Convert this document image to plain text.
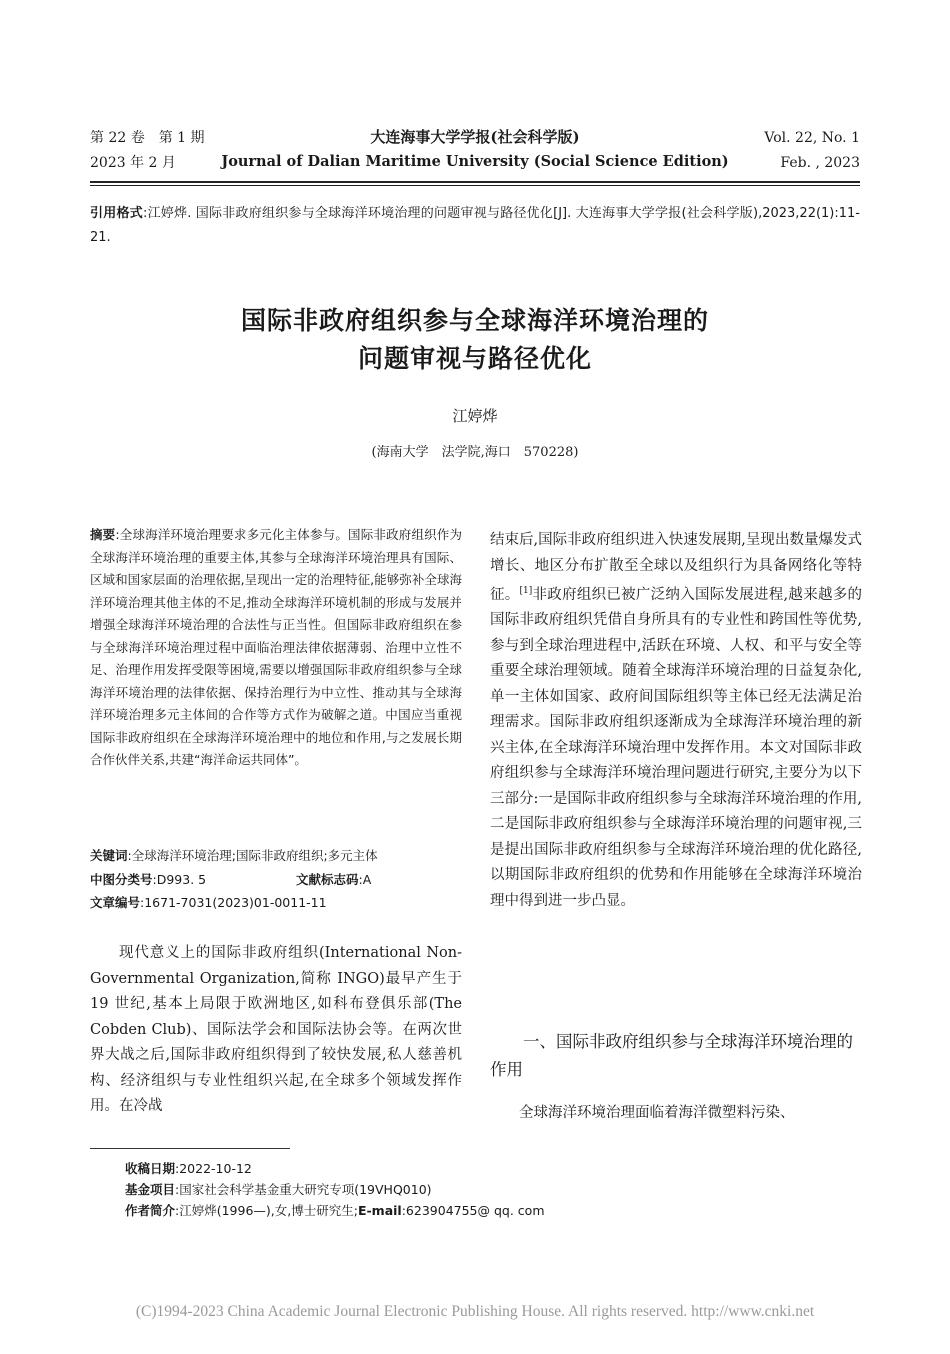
第 22 卷　第 1 期
2023 年 2 月
大连海事大学学报(社会科学版)
Journal of Dalian Maritime University (Social Science Edition)
Vol. 22, No. 1
Feb. , 2023
引用格式:江婷烨. 国际非政府组织参与全球海洋环境治理的问题审视与路径优化[J]. 大连海事大学学报(社会科学版),2023,22(1):11-21.
国际非政府组织参与全球海洋环境治理的
问题审视与路径优化
江婷烨
(海南大学　法学院,海口　570228)
摘要:全球海洋环境治理要求多元化主体参与。国际非政府组织作为全球海洋环境治理的重要主体,其参与全球海洋环境治理具有国际、区域和国家层面的治理依据,呈现出一定的治理特征,能够弥补全球海洋环境治理其他主体的不足,推动全球海洋环境机制的形成与发展并增强全球海洋环境治理的合法性与正当性。但国际非政府组织在参与全球海洋环境治理过程中面临治理法律依据薄弱、治理中立性不足、治理作用发挥受限等困境,需要以增强国际非政府组织参与全球海洋环境治理的法律依据、保持治理行为中立性、推动其与全球海洋环境治理多元主体间的合作等方式作为破解之道。中国应当重视国际非政府组织在全球海洋环境治理中的地位和作用,与之发展长期合作伙伴关系,共建“海洋命运共同体”。
关键词:全球海洋环境治理;国际非政府组织;多元主体
中图分类号:D993. 5	文献标志码:A
文章编号:1671-7031(2023)01-0011-11
现代意义上的国际非政府组织(International Non-Governmental Organization,简称 INGO)最早产生于 19 世纪,基本上局限于欧洲地区,如科布登俱乐部(The Cobden Club)、国际法学会和国际法协会等。在两次世界大战之后,国际非政府组织得到了较快发展,私人慈善机构、经济组织与专业性组织兴起,在全球多个领域发挥作用。在冷战

结束后,国际非政府组织进入快速发展期,呈现出数量爆发式增长、地区分布扩散至全球以及组织行为具备网络化等特征。[1]非政府组织已被广泛纳入国际发展进程,越来越多的国际非政府组织凭借自身所具有的专业性和跨国性等优势,参与到全球治理进程中,活跃在环境、人权、和平与安全等重要全球治理领域。随着全球海洋环境治理的日益复杂化,单一主体如国家、政府间国际组织等主体已经无法满足治理需求。国际非政府组织逐渐成为全球海洋环境治理的新兴主体,在全球海洋环境治理中发挥作用。本文对国际非政府组织参与全球海洋环境治理问题进行研究,主要分为以下三部分:一是国际非政府组织参与全球海洋环境治理的作用,二是国际非政府组织参与全球海洋环境治理的问题审视,三是提出国际非政府组织参与全球海洋环境治理的优化路径,以期国际非政府组织的优势和作用能够在全球海洋环境治理中得到进一步凸显。

一、国际非政府组织参与全球海洋环境治理的作用
全球海洋环境治理面临着海洋微塑料污染、
收稿日期:2022-10-12
基金项目:国家社会科学基金重大研究专项(19VHQ010)
作者简介:江婷烨(1996—),女,博士研究生;E-mail:623904755@ qq. com
(C)1994-2023 China Academic Journal Electronic Publishing House. All rights reserved. http://www.cnki.net
